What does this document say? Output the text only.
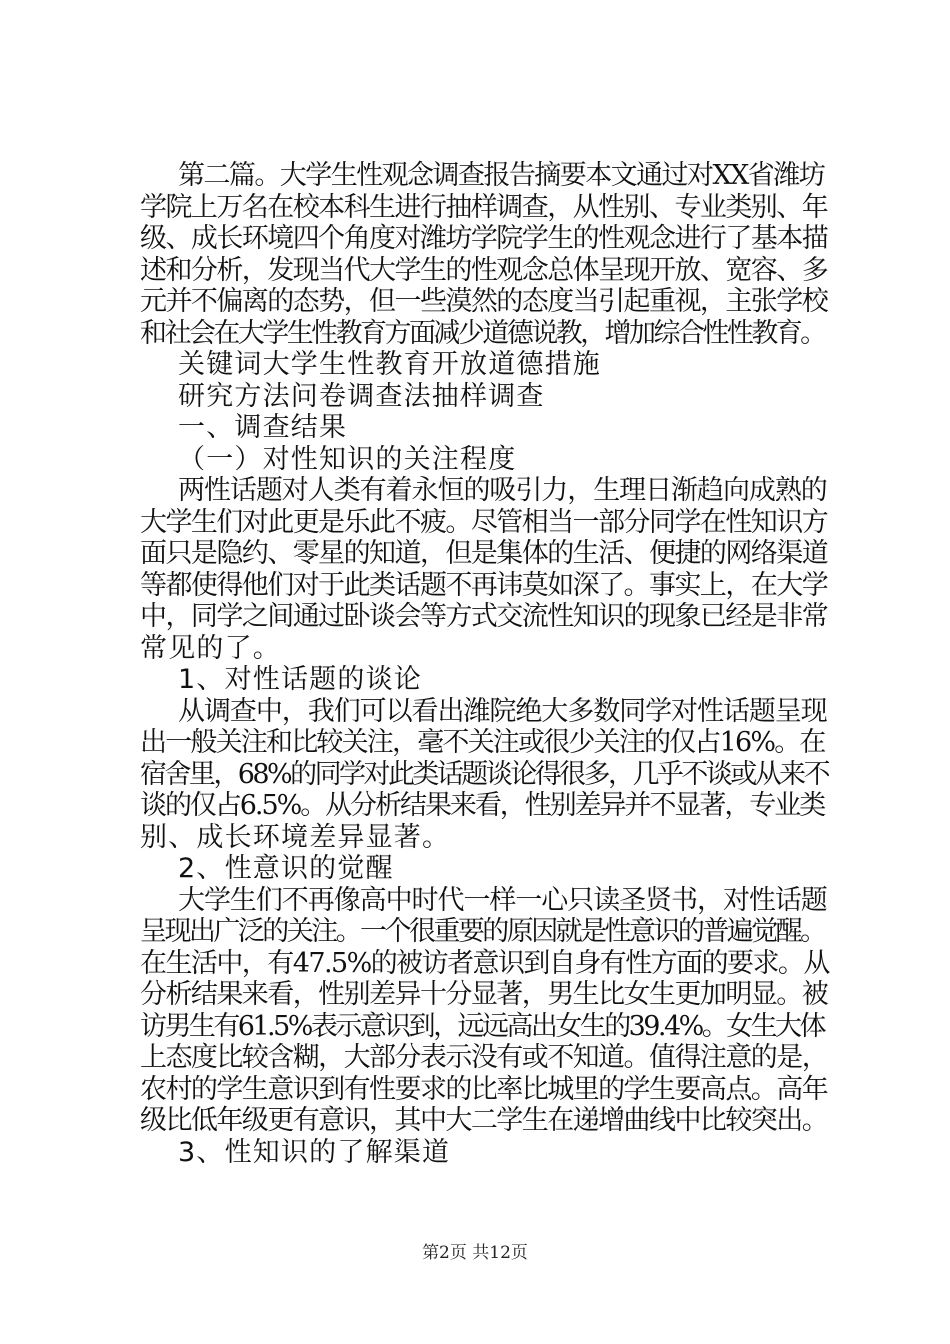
第二篇。大学生性观念调查报告摘要本文通过对XX省潍坊
学院上万名在校本科生进行抽样调查，从性别、专业类别、年
级、成长环境四个角度对潍坊学院学生的性观念进行了基本描
述和分析，发现当代大学生的性观念总体呈现开放、宽容、多
元并不偏离的态势，但一些漠然的态度当引起重视，主张学校
和社会在大学生性教育方面减少道德说教，增加综合性性教育。
关键词大学生性教育开放道德措施
研究方法问卷调查法抽样调查
一、调查结果
（一）对性知识的关注程度
两性话题对人类有着永恒的吸引力，生理日渐趋向成熟的
大学生们对此更是乐此不疲。尽管相当一部分同学在性知识方
面只是隐约、零星的知道，但是集体的生活、便捷的网络渠道
等都使得他们对于此类话题不再讳莫如深了。事实上，在大学
中，同学之间通过卧谈会等方式交流性知识的现象已经是非常
常见的了。
1、对性话题的谈论
从调查中，我们可以看出潍院绝大多数同学对性话题呈现
出一般关注和比较关注，毫不关注或很少关注的仅占16%。在
宿舍里，68%的同学对此类话题谈论得很多，几乎不谈或从来不
谈的仅占6.5%。从分析结果来看，性别差异并不显著，专业类
别、成长环境差异显著。
2、性意识的觉醒
大学生们不再像高中时代一样一心只读圣贤书，对性话题
呈现出广泛的关注。一个很重要的原因就是性意识的普遍觉醒。
在生活中，有47.5%的被访者意识到自身有性方面的要求。从
分析结果来看，性别差异十分显著，男生比女生更加明显。被
访男生有61.5%表示意识到，远远高出女生的39.4%。女生大体
上态度比较含糊，大部分表示没有或不知道。值得注意的是，
农村的学生意识到有性要求的比率比城里的学生要高点。高年
级比低年级更有意识，其中大二学生在递增曲线中比较突出。
3、性知识的了解渠道
第2页 共12页
